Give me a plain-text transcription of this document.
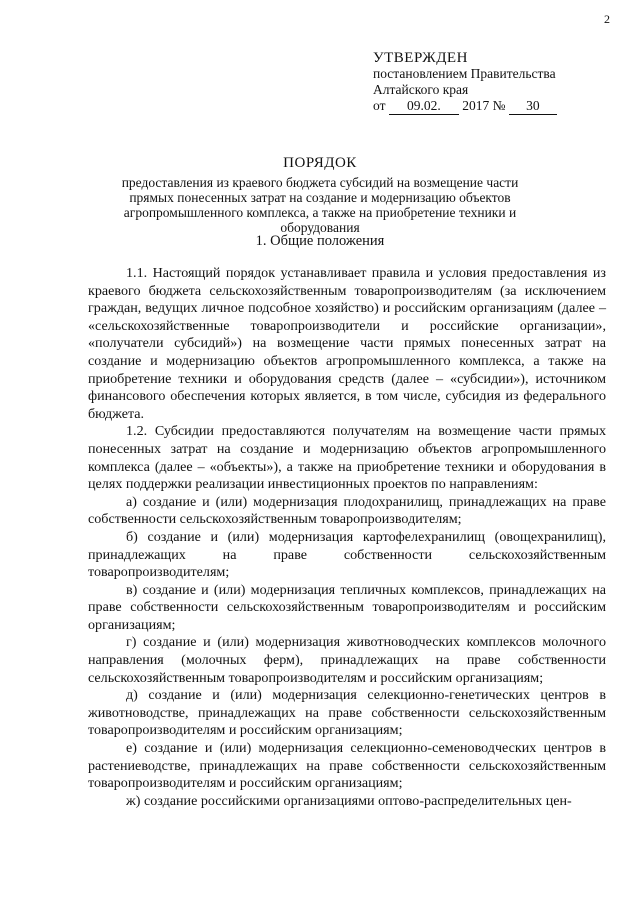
2
УТВЕРЖДЕН
постановлением Правительства
Алтайского края
от 09.02. 2017 № 30
ПОРЯДОК
предоставления из краевого бюджета субсидий на возмещение части прямых понесенных затрат на создание и модернизацию объектов агропромышленного комплекса, а также на приобретение техники и оборудования
1. Общие положения

1.1. Настоящий порядок устанавливает правила и условия предоставления из краевого бюджета сельскохозяйственным товаропроизводителям (за исключением граждан, ведущих личное подсобное хозяйство) и российским организациям (далее – «сельскохозяйственные товаропроизводители и российские организации», «получатели субсидий») на возмещение части прямых понесенных затрат на создание и модернизацию объектов агропромышленного комплекса, а также на приобретение техники и оборудования средств (далее – «субсидии»), источником финансового обеспечения которых является, в том числе, субсидия из федерального бюджета.

1.2. Субсидии предоставляются получателям на возмещение части прямых понесенных затрат на создание и модернизацию объектов агропромышленного комплекса (далее – «объекты»), а также на приобретение техники и оборудования в целях поддержки реализации инвестиционных проектов по направлениям:

а) создание и (или) модернизация плодохранилищ, принадлежащих на праве собственности сельскохозяйственным товаропроизводителям;

б) создание и (или) модернизация картофелехранилищ (овощехранилищ), принадлежащих на праве собственности сельскохозяйственным товаропроизводителям;

в) создание и (или) модернизация тепличных комплексов, принадлежащих на праве собственности сельскохозяйственным товаропроизводителям и российским организациям;

г) создание и (или) модернизация животноводческих комплексов молочного направления (молочных ферм), принадлежащих на праве собственности сельскохозяйственным товаропроизводителям и российским организациям;

д) создание и (или) модернизация селекционно-генетических центров в животноводстве, принадлежащих на праве собственности сельскохозяйственным товаропроизводителям и российским организациям;

е) создание и (или) модернизация селекционно-семеноводческих центров в растениеводстве, принадлежащих на праве собственности сельскохозяйственным товаропроизводителям и российским организациям;

ж) создание российскими организациями оптово-распределительных цен-
